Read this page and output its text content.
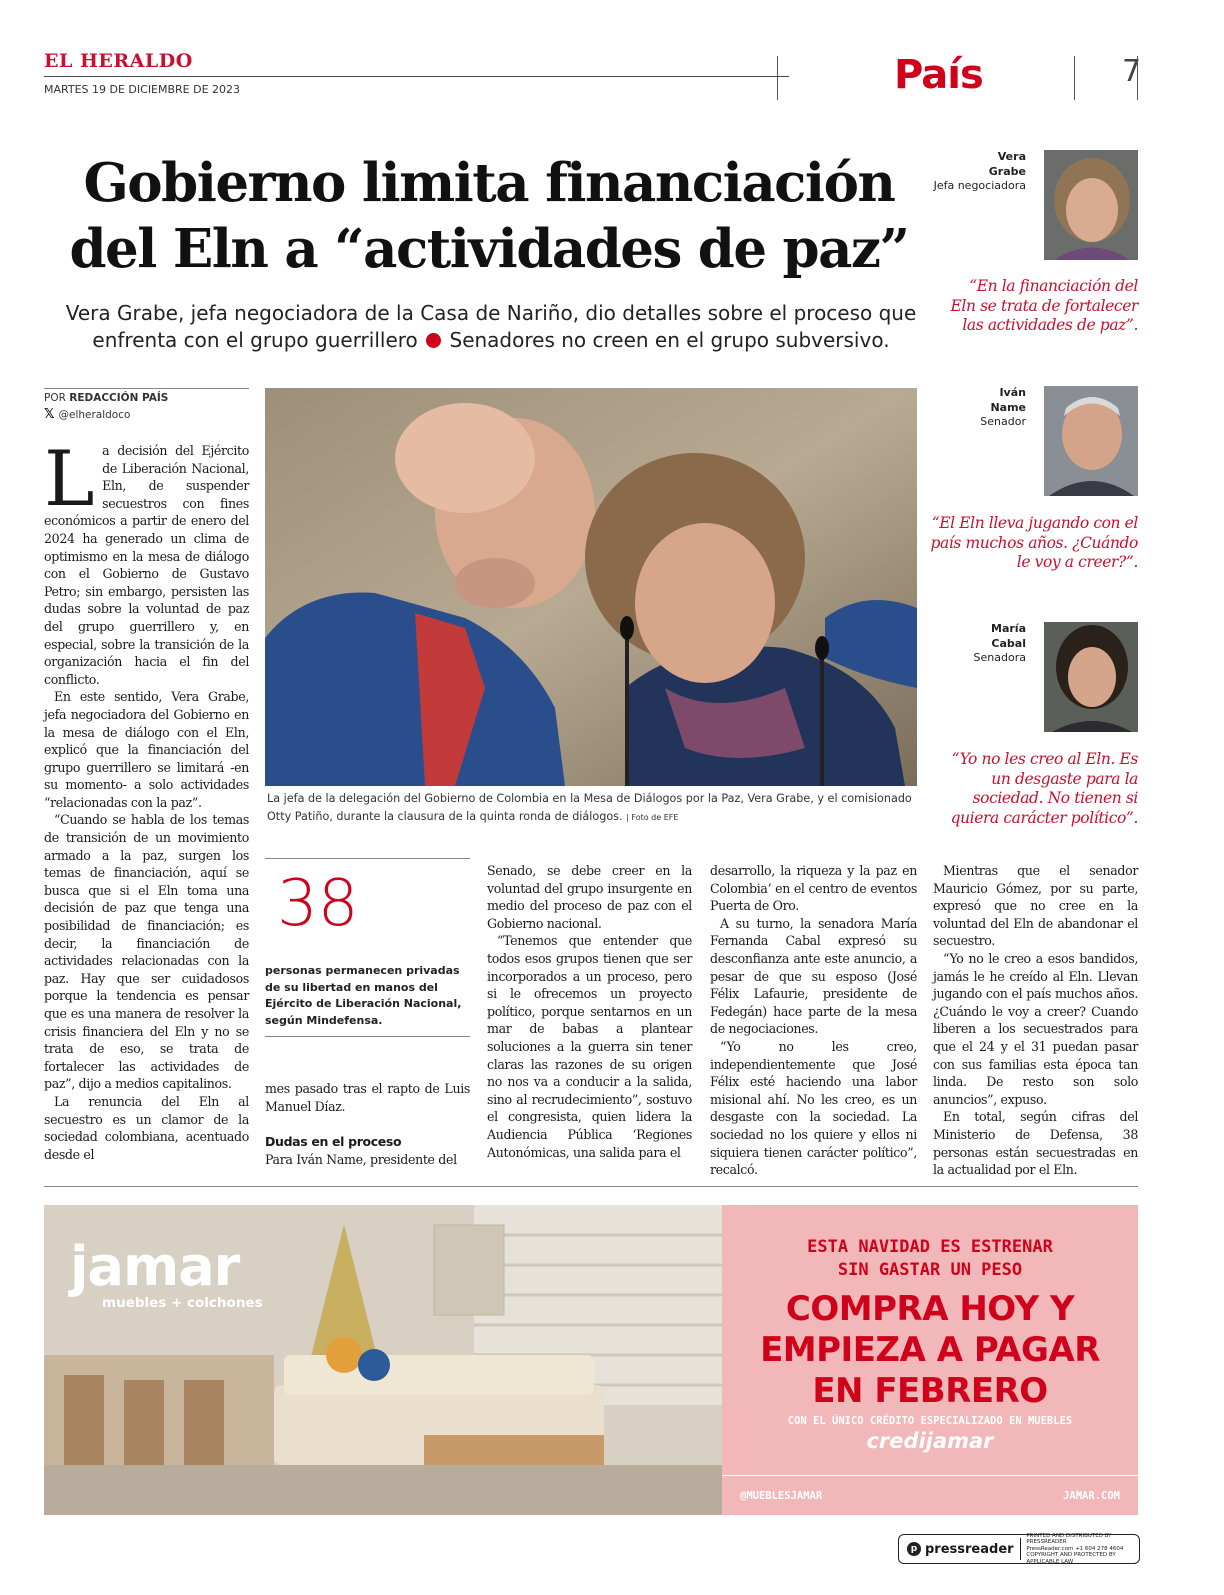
EL HERALDO
MARTES 19 DE DICIEMBRE DE 2023	País	7
Gobierno limita financiación
del Eln a “actividades de paz”
Vera Grabe, jefa negociadora de la Casa de Nariño, dio detalles sobre el proceso que enfrenta con el grupo guerrillero Senadores no creen en el grupo subversivo.
POR REDACCIÓN PAÍS
𝕏 @elheraldoco

La decisión del Ejército de Liberación Nacional, Eln, de suspender secuestros con fines económicos a partir de enero del 2024 ha generado un clima de optimismo en la mesa de diálogo con el Gobierno de Gustavo Petro; sin embargo, persisten las dudas sobre la voluntad de paz del grupo guerrillero y, en especial, sobre la transición de la organización hacia el fin del conflicto.

En este sentido, Vera Grabe, jefa negociadora del Gobierno en la mesa de diálogo con el Eln, explicó que la financiación del grupo guerrillero se limitará -en su momento- a solo actividades “relacionadas con la paz”.

“Cuando se habla de los temas de transición de un movimiento armado a la paz, surgen los temas de financiación, aquí se busca que si el Eln toma una decisión de paz que tenga una posibilidad de financiación; es decir, la financiación de actividades relacionadas con la paz. Hay que ser cuidadosos porque la tendencia es pensar que es una manera de resolver la crisis financiera del Eln y no se trata de eso, se trata de fortalecer las actividades de paz”, dijo a medios capitalinos.

La renuncia del Eln al secuestro es un clamor de la sociedad colombiana, acentuado desde el

La jefa de la delegación del Gobierno de Colombia en la Mesa de Diálogos por la Paz, Vera Grabe, y el comisionado Otty Patiño, durante la clausura de la quinta ronda de diálogos. | Foto de EFE
38
personas permanecen privadas de su libertad en manos del Ejército de Liberación Nacional, según Mindefensa.

mes pasado tras el rapto de Luis Manuel Díaz.

Dudas en el proceso

Para Iván Name, presidente del

Senado, se debe creer en la voluntad del grupo insurgente en medio del proceso de paz con el Gobierno nacional.

“Tenemos que entender que todos esos grupos tienen que ser incorporados a un proceso, pero si le ofrecemos un proyecto político, porque sentarnos en un mar de babas a plantear soluciones a la guerra sin tener claras las razones de su origen no nos va a conducir a la salida, sino al recrudecimiento”, sostuvo el congresista, quien lidera la Audiencia Pública ‘Regiones Autonómicas, una salida para el

desarrollo, la riqueza y la paz en Colombia’ en el centro de eventos Puerta de Oro.

A su turno, la senadora María Fernanda Cabal expresó su desconfianza ante este anuncio, a pesar de que su esposo (José Félix Lafaurie, presidente de Fedegán) hace parte de la mesa de negociaciones.

“Yo no les creo, independientemente que José Félix esté haciendo una labor misional ahí. No les creo, es un desgaste con la sociedad. La sociedad no los quiere y ellos ni siquiera tienen carácter político”, recalcó.

Mientras que el senador Mauricio Gómez, por su parte, expresó que no cree en la voluntad del Eln de abandonar el secuestro.

“Yo no le creo a esos bandidos, jamás le he creído al Eln. Llevan jugando con el país muchos años. ¿Cuándo le voy a creer? Cuando liberen a los secuestrados para que el 24 y el 31 puedan pasar con sus familias esta época tan linda. De resto son solo anuncios”, expuso.

En total, según cifras del Ministerio de Defensa, 38 personas están secuestradas en la actualidad por el Eln.

Vera
Grabe
Jefa negociadora
“En la financiación del Eln se trata de fortalecer las actividades de paz”.
Iván
Name
Senador
“El Eln lleva jugando con el país muchos años. ¿Cuándo le voy a creer?”.
María
Cabal
Senadora
“Yo no les creo al Eln. Es un desgaste para la sociedad. No tienen si quiera carácter político”.
jamar
muebles + colchones
ESTA NAVIDAD ES ESTRENAR
SIN GASTAR UN PESO
COMPRA HOY Y
EMPIEZA A PAGAR
EN FEBRERO
CON EL ÚNICO CRÉDITO ESPECIALIZADO EN MUEBLES
credijamar
@MUEBLESJAMAR	JAMAR.COM
p pressreader
PRINTED AND DISTRIBUTED BY PRESSREADER
PressReader.com +1 604 278 4604
COPYRIGHT AND PROTECTED BY APPLICABLE LAW
